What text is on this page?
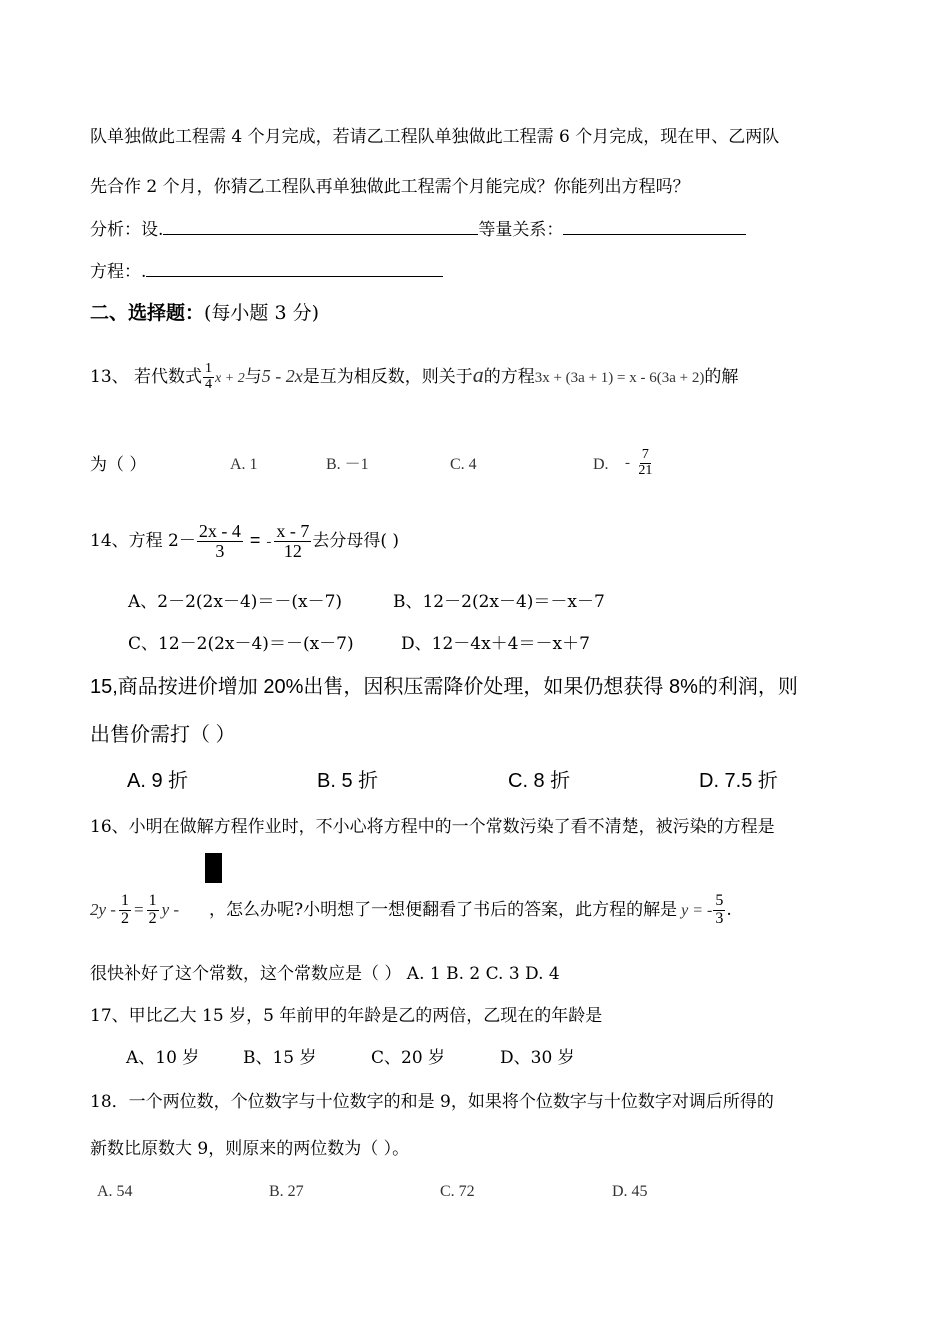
队单独做此工程需 4 个月完成，若请乙工程队单独做此工程需 6 个月完成，现在甲、乙两队
先合作 2 个月，你猜乙工程队再单独做此工程需个月能完成？你能列出方程吗？
分析：设.	等量关系：
方程：.
二、选择题：(每小题 3 分)
13、 若代数式 $\frac{1}{4}$ x + 2与5 - 2x是互为相反数，则关于a的方程3x + (3a + 1) = x - 6(3a + 2)的解
为（ ）	A. 1	B. －1	C. 4	D. - $\frac{7}{21}$
14、方程 $2- \frac{2x - 4}{3}$ = - $\frac{x - 7}{12}$ 去分母得( )
A、2－2(2x－4)＝－(x－7)	B、12－2(2x－4)＝－x－7
C、12－2(2x－4)＝－(x－7)	D、12－4x＋4＝－x＋7
15,商品按进价增加 20%出售，因积压需降价处理，如果仍想获得 8%的利润，则
出售价需打（ ）
A. 9 折	B. 5 折	C. 8 折	D. 7.5 折
16、小明在做解方程作业时，不小心将方程中的一个常数污染了看不清楚，被污染的方程是
$2y - \frac{1}{2} = \frac{1}{2}$ y - ，怎么办呢?小明想了一想便翻看了书后的答案，此方程的解是 y = - $\frac{5}{3}$ .
很快补好了这个常数，这个常数应是（ ） A. 1 B. 2 C. 3 D. 4
17、甲比乙大 15 岁，5 年前甲的年龄是乙的两倍，乙现在的年龄是
A、10 岁	B、15 岁	C、20 岁	D、30 岁
18．一个两位数，个位数字与十位数字的和是 9，如果将个位数字与十位数字对调后所得的
新数比原数大 9，则原来的两位数为（ ）。
A. 54	B. 27	C. 72	D. 45
